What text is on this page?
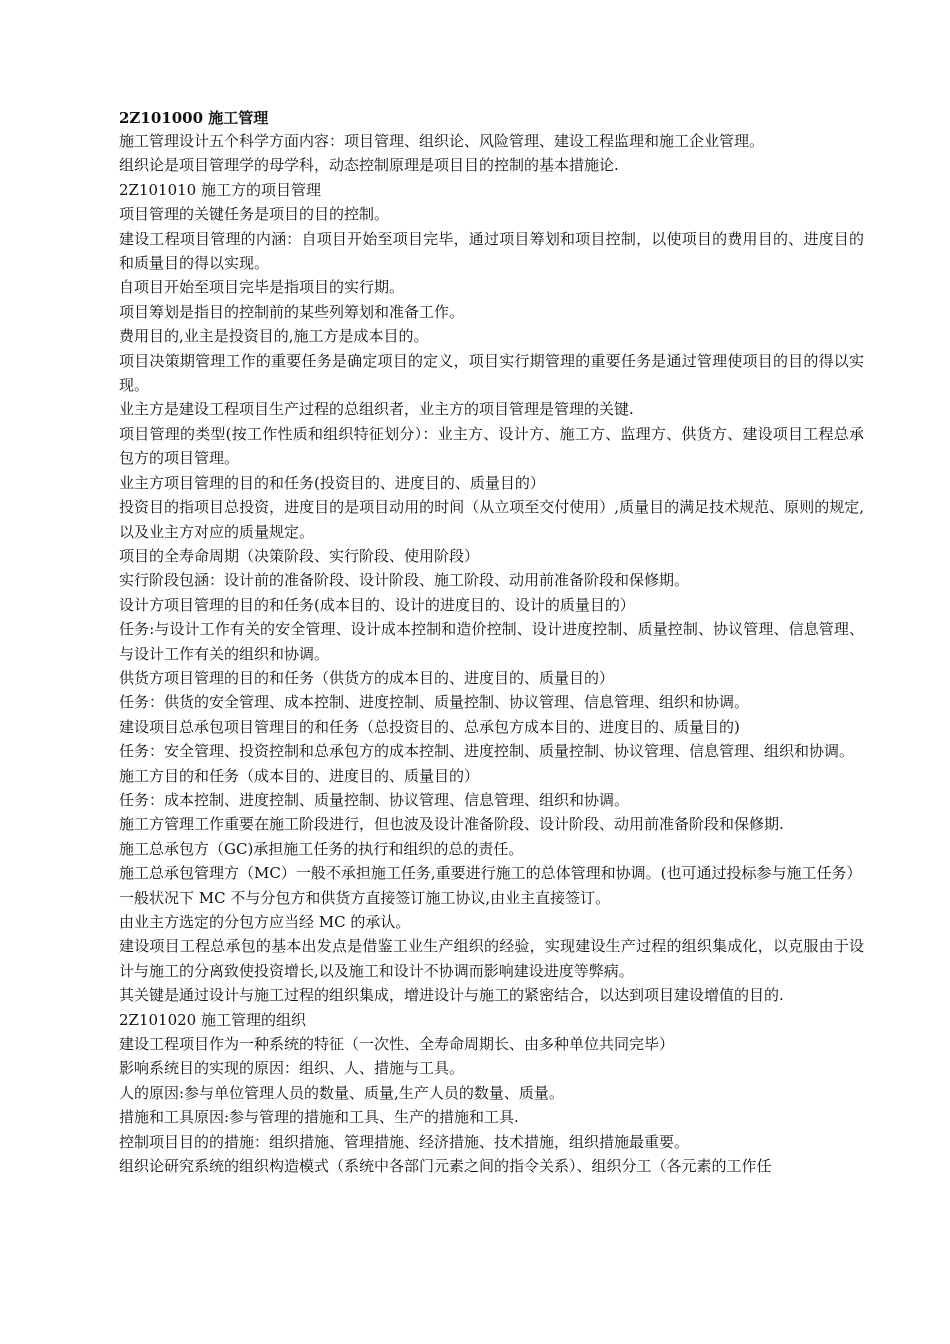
2Z101000 施工管理

施工管理设计五个科学方面内容：项目管理、组织论、风险管理、建设工程监理和施工企业管理。

组织论是项目管理学的母学科，动态控制原理是项目目的控制的基本措施论.

2Z101010 施工方的项目管理

项目管理的关键任务是项目的目的控制。

建设工程项目管理的内涵：自项目开始至项目完毕，通过项目筹划和项目控制，以使项目的费用目的、进度目的和质量目的得以实现。

自项目开始至项目完毕是指项目的实行期。

项目筹划是指目的控制前的某些列筹划和准备工作。

费用目的,业主是投资目的,施工方是成本目的。

项目决策期管理工作的重要任务是确定项目的定义，项目实行期管理的重要任务是通过管理使项目的目的得以实现。

业主方是建设工程项目生产过程的总组织者，业主方的项目管理是管理的关键.

项目管理的类型(按工作性质和组织特征划分）：业主方、设计方、施工方、监理方、供货方、建设项目工程总承包方的项目管理。

业主方项目管理的目的和任务(投资目的、进度目的、质量目的）

投资目的指项目总投资，进度目的是项目动用的时间（从立项至交付使用）,质量目的满足技术规范、原则的规定,以及业主方对应的质量规定。

项目的全寿命周期（决策阶段、实行阶段、使用阶段）

实行阶段包涵：设计前的准备阶段、设计阶段、施工阶段、动用前准备阶段和保修期。

设计方项目管理的目的和任务(成本目的、设计的进度目的、设计的质量目的）

任务:与设计工作有关的安全管理、设计成本控制和造价控制、设计进度控制、质量控制、协议管理、信息管理、与设计工作有关的组织和协调。

供货方项目管理的目的和任务（供货方的成本目的、进度目的、质量目的）

任务：供货的安全管理、成本控制、进度控制、质量控制、协议管理、信息管理、组织和协调。

建设项目总承包项目管理目的和任务（总投资目的、总承包方成本目的、进度目的、质量目的)

任务：安全管理、投资控制和总承包方的成本控制、进度控制、质量控制、协议管理、信息管理、组织和协调。

施工方目的和任务（成本目的、进度目的、质量目的）

任务：成本控制、进度控制、质量控制、协议管理、信息管理、组织和协调。

施工方管理工作重要在施工阶段进行，但也波及设计准备阶段、设计阶段、动用前准备阶段和保修期.

施工总承包方（GC)承担施工任务的执行和组织的总的责任。

施工总承包管理方（MC）一般不承担施工任务,重要进行施工的总体管理和协调。(也可通过投标参与施工任务）

一般状况下 MC 不与分包方和供货方直接签订施工协议,由业主直接签订。

由业主方选定的分包方应当经 MC 的承认。

建设项目工程总承包的基本出发点是借鉴工业生产组织的经验，实现建设生产过程的组织集成化，以克服由于设计与施工的分离致使投资增长,以及施工和设计不协调而影响建设进度等弊病。

其关键是通过设计与施工过程的组织集成，增进设计与施工的紧密结合，以达到项目建设增值的目的.

2Z101020 施工管理的组织

建设工程项目作为一种系统的特征（一次性、全寿命周期长、由多种单位共同完毕）

影响系统目的实现的原因：组织、人、措施与工具。

人的原因:参与单位管理人员的数量、质量,生产人员的数量、质量。

措施和工具原因:参与管理的措施和工具、生产的措施和工具.

控制项目目的的措施：组织措施、管理措施、经济措施、技术措施，组织措施最重要。

组织论研究系统的组织构造模式（系统中各部门元素之间的指令关系）、组织分工（各元素的工作任
